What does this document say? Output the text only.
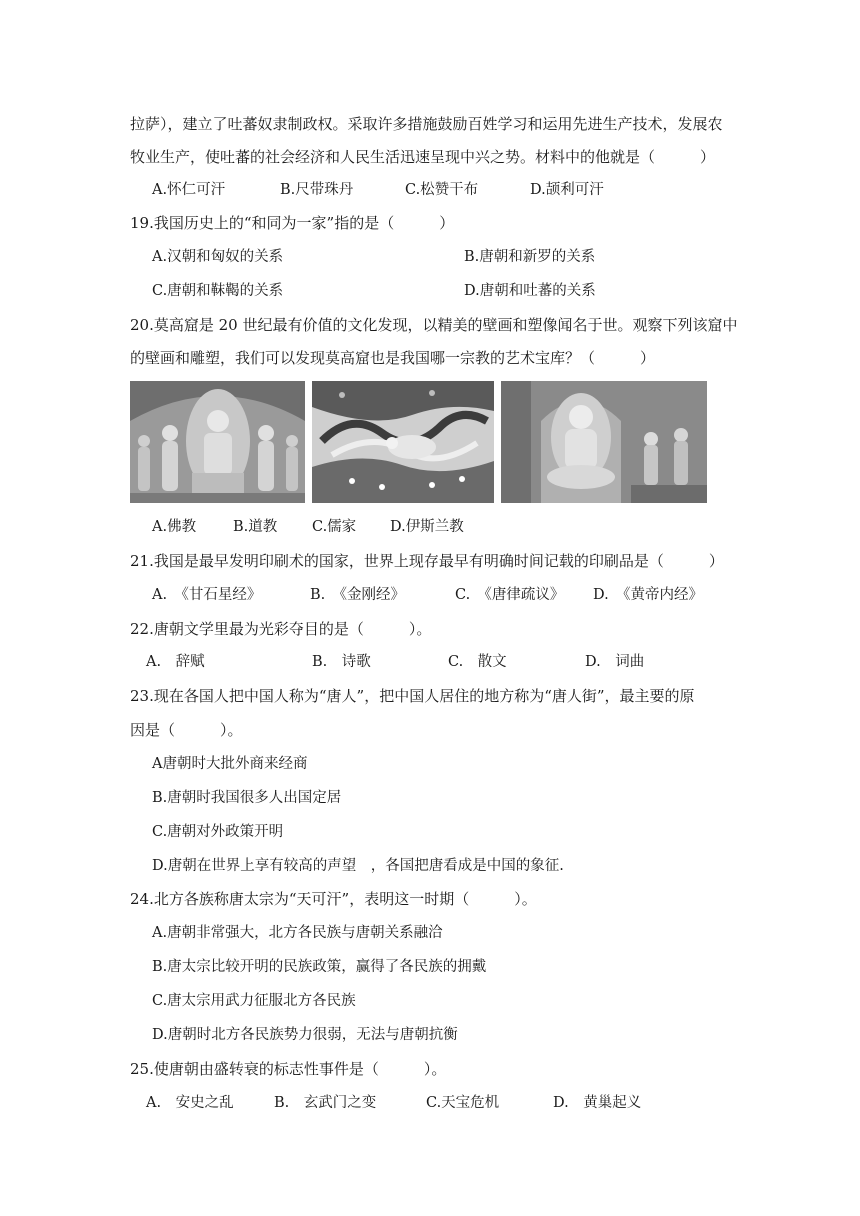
拉萨），建立了吐蕃奴隶制政权。采取许多措施鼓励百姓学习和运用先进生产技术，发展农
牧业生产，使吐蕃的社会经济和人民生活迅速呈现中兴之势。材料中的他就是（　　　）
A.怀仁可汗	B.尺带珠丹	C.松赞干布	D.颉利可汗
19.我国历史上的“和同为一家”指的是（　　　）
A.汉朝和匈奴的关系	B.唐朝和新罗的关系
C.唐朝和靺鞨的关系	D.唐朝和吐蕃的关系
20.莫高窟是 20 世纪最有价值的文化发现，以精美的壁画和塑像闻名于世。观察下列该窟中
的壁画和雕塑，我们可以发现莫高窟也是我国哪一宗教的艺术宝库？（　　　）
A.佛教	B.道教 C.儒家 D.伊斯兰教
21.我国是最早发明印刷术的国家，世界上现存最早有明确时间记载的印刷品是（　　　）
A.　《甘石星经》	B.　《金刚经》	C.　《唐律疏议》 D.　《黄帝内经》
22.唐朝文学里最为光彩夺目的是（　　　）。
A.　辞赋	B.　诗歌	C.　散文	D.　词曲
23.现在各国人把中国人称为“唐人”，把中国人居住的地方称为“唐人街”，最主要的原
因是（　　　）。
A唐朝时大批外商来经商
B.唐朝时我国很多人出国定居
C.唐朝对外政策开明
D.唐朝在世界上享有较高的声望　，各国把唐看成是中国的象征.
24.北方各族称唐太宗为“天可汗”，表明这一时期（　　　）。
A.唐朝非常强大，北方各民族与唐朝关系融洽
B.唐太宗比较开明的民族政策，赢得了各民族的拥戴
C.唐太宗用武力征服北方各民族
D.唐朝时北方各民族势力很弱，无法与唐朝抗衡
25.使唐朝由盛转衰的标志性事件是（　　　）。
A.　安史之乱	B.　玄武门之变	C.天宝危机	D.　黄巢起义
